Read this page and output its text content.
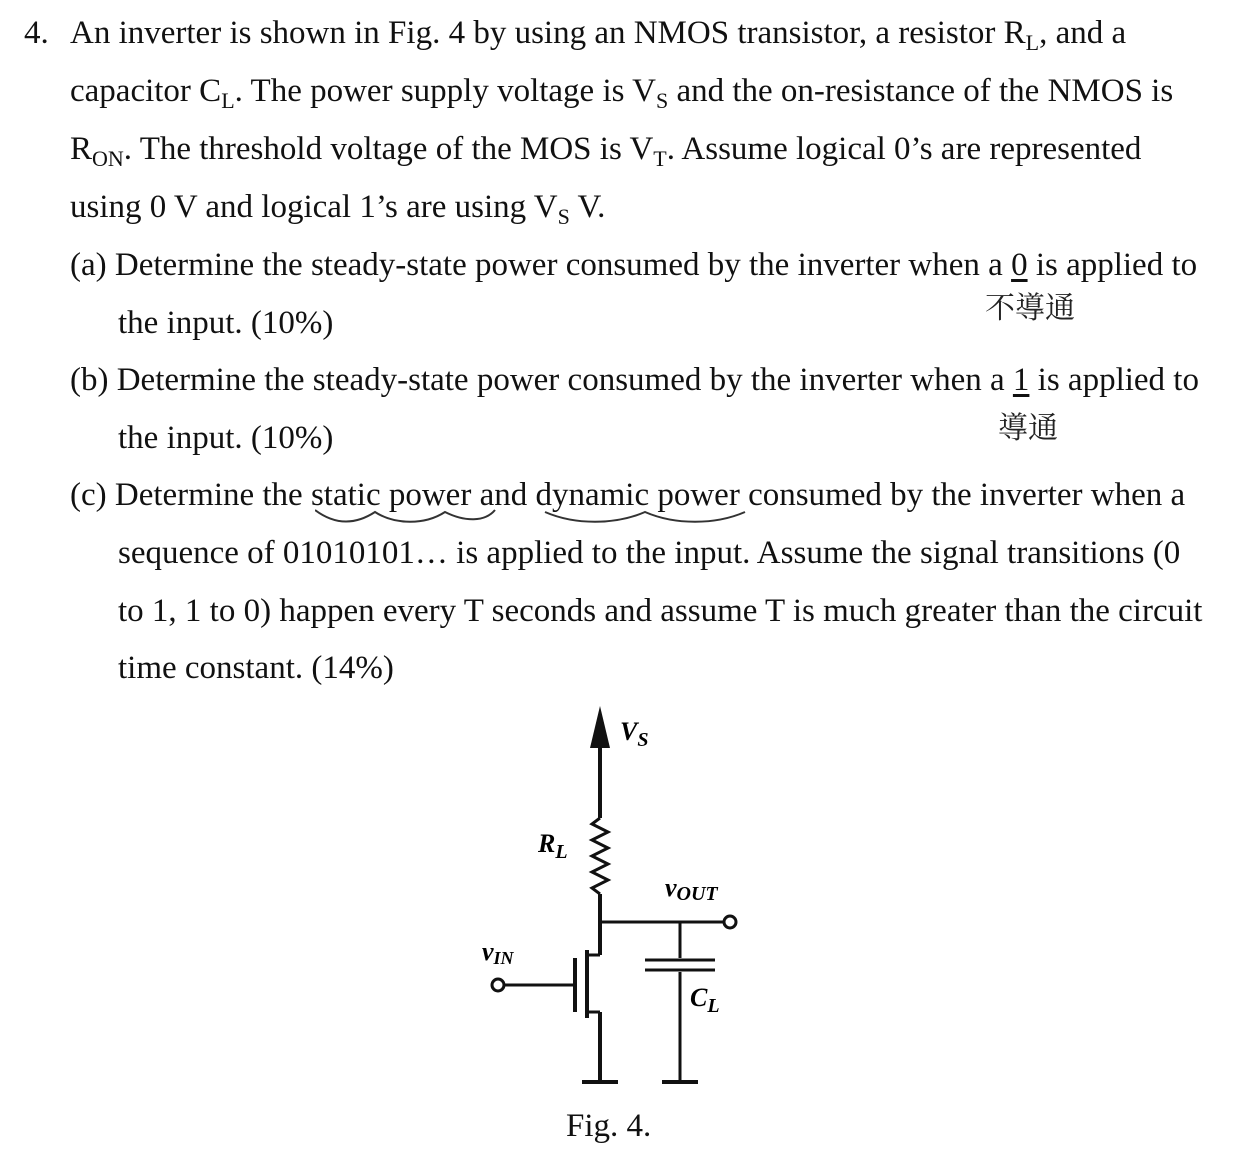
4. An inverter is shown in Fig. 4 by using an NMOS transistor, a resistor $R_L$, and a
capacitor $C_L$. The power supply voltage is $V_S$ and the on-resistance of the NMOS is
$R_{ON}$. The threshold voltage of the MOS is $V_T$. Assume logical 0’s are represented
using 0 V and logical 1’s are using $V_S$ V.
(a) Determine the steady-state power consumed by the inverter when a 0 is applied to
the input. (10%)	不導通
(b) Determine the steady-state power consumed by the inverter when a 1 is applied to
the input. (10%)	導通
(c) Determine the static power and dynamic power consumed by the inverter when a
sequence of 01010101… is applied to the input. Assume the signal transitions (0
to 1, 1 to 0) happen every T seconds and assume T is much greater than the circuit
time constant. (14%)
$V_S$
$R_L$
vOUT
vIN
$C_L$
Fig. 4.
